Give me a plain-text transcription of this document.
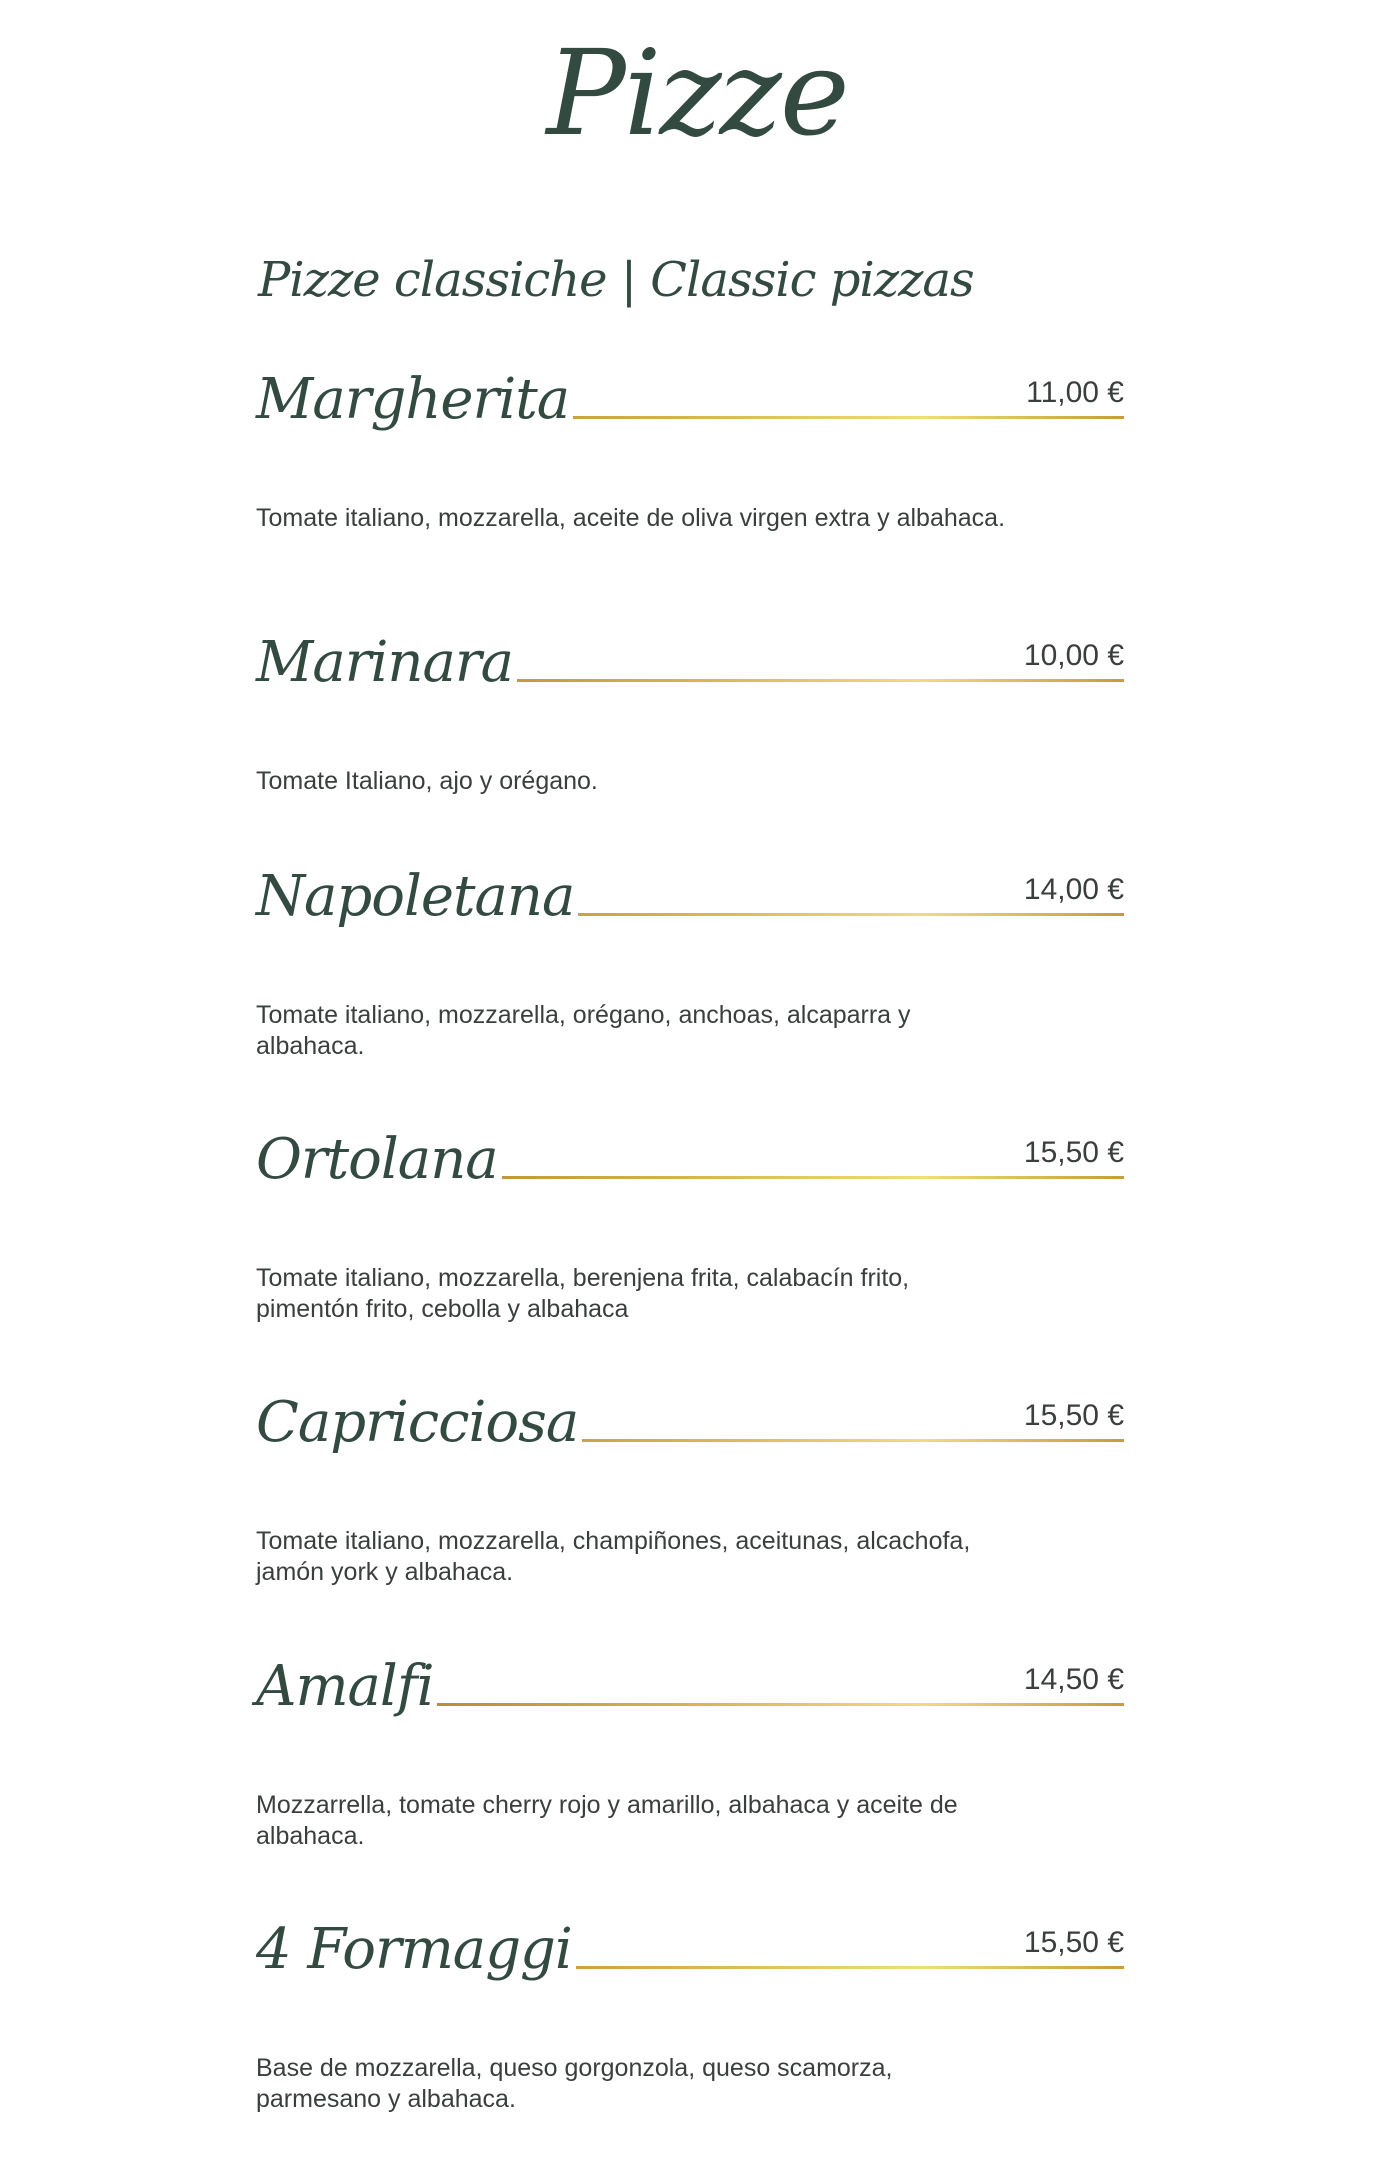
Pizze
Pizze classiche | Classic pizzas
Margherita	11,00 €

Tomate italiano, mozzarella, aceite de oliva virgen extra y albahaca.

Marinara	10,00 €

Tomate Italiano, ajo y orégano.

Napoletana	14,00 €

Tomate italiano, mozzarella, orégano, anchoas, alcaparra y albahaca.

Ortolana	15,50 €

Tomate italiano, mozzarella, berenjena frita, calabacín frito, pimentón frito, cebolla y albahaca

Capricciosa	15,50 €

Tomate italiano, mozzarella, champiñones, aceitunas, alcachofa, jamón york y albahaca.

Amalfi	14,50 €

Mozzarrella, tomate cherry rojo y amarillo, albahaca y aceite de albahaca.

4 Formaggi	15,50 €

Base de mozzarella, queso gorgonzola, queso scamorza, parmesano y albahaca.
